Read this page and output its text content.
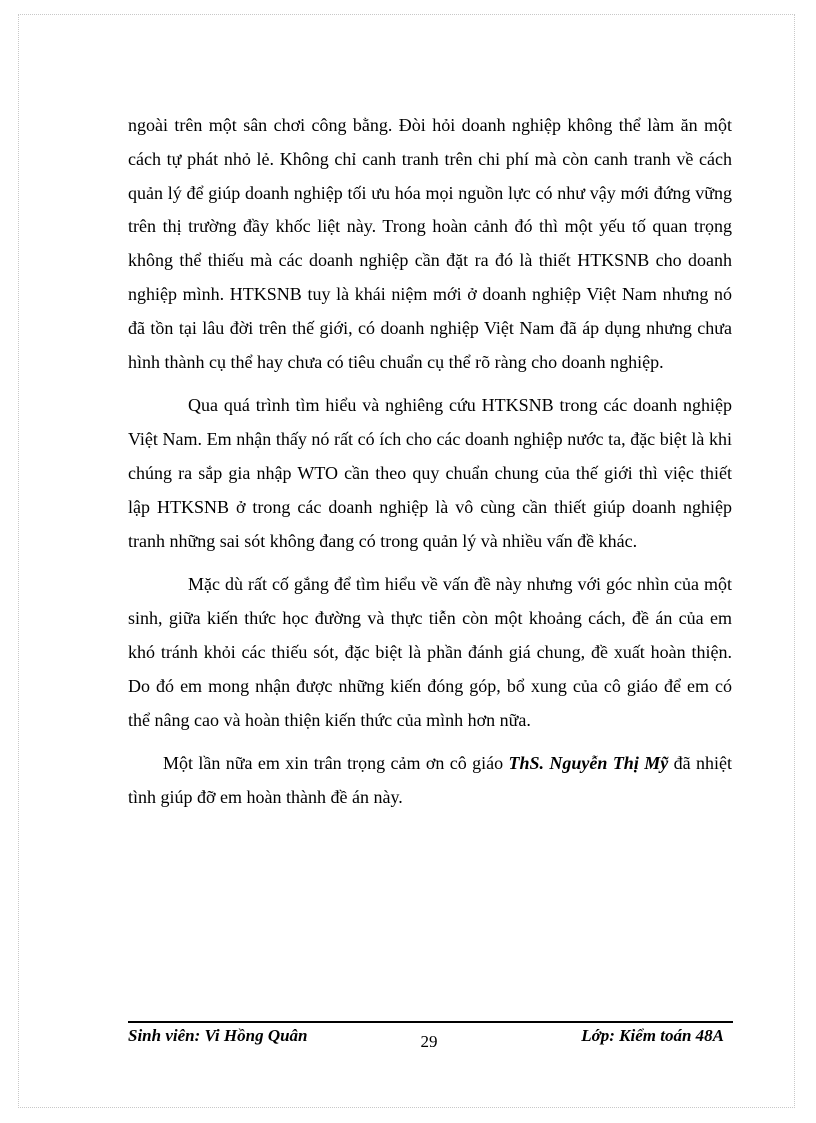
ngoài trên một sân chơi công bằng. Đòi hỏi doanh nghiệp không thể làm ăn một cách tự phát nhỏ lẻ. Không chỉ canh tranh trên chi phí mà còn canh tranh về cách quản lý để giúp doanh nghiệp tối ưu hóa mọi nguồn lực có như vậy mới đứng vững trên thị trường đầy khốc liệt này. Trong hoàn cảnh đó thì một yếu tố quan trọng không thể thiếu mà các doanh nghiệp cần đặt ra đó là thiết HTKSNB cho doanh nghiệp mình. HTKSNB tuy là khái niệm mới ở doanh nghiệp Việt Nam nhưng nó đã tồn tại lâu đời trên thế giới, có doanh nghiệp Việt Nam đã áp dụng nhưng chưa hình thành cụ thể hay chưa có tiêu chuẩn cụ thể rõ ràng cho doanh nghiệp.

Qua quá trình tìm hiểu và nghiêng cứu HTKSNB trong các doanh nghiệp Việt Nam. Em nhận thấy nó rất có ích cho các doanh nghiệp nước ta, đặc biệt là khi chúng ra sắp gia nhập WTO cần theo quy chuẩn chung của thế giới thì việc thiết lập HTKSNB ở trong các doanh nghiệp là vô cùng cần thiết giúp doanh nghiệp tranh những sai sót không đang có trong quản lý và nhiều vấn đề khác.

Mặc dù rất cố gắng để tìm hiểu về vấn đề này nhưng với góc nhìn của một sinh, giữa kiến thức học đường và thực tiễn còn một khoảng cách, đề án của em khó tránh khỏi các thiếu sót, đặc biệt là phần đánh giá chung, đề xuất hoàn thiện. Do đó em mong nhận được những kiến đóng góp, bổ xung của cô giáo để em có thể nâng cao và hoàn thiện kiến thức của mình hơn nữa.

Một lần nữa em xin trân trọng cảm ơn cô giáo ThS. Nguyễn Thị Mỹ đã nhiệt tình giúp đỡ em hoàn thành đề án này.

Sinh viên: Vi Hồng Quân	29	Lớp: Kiểm toán 48A
